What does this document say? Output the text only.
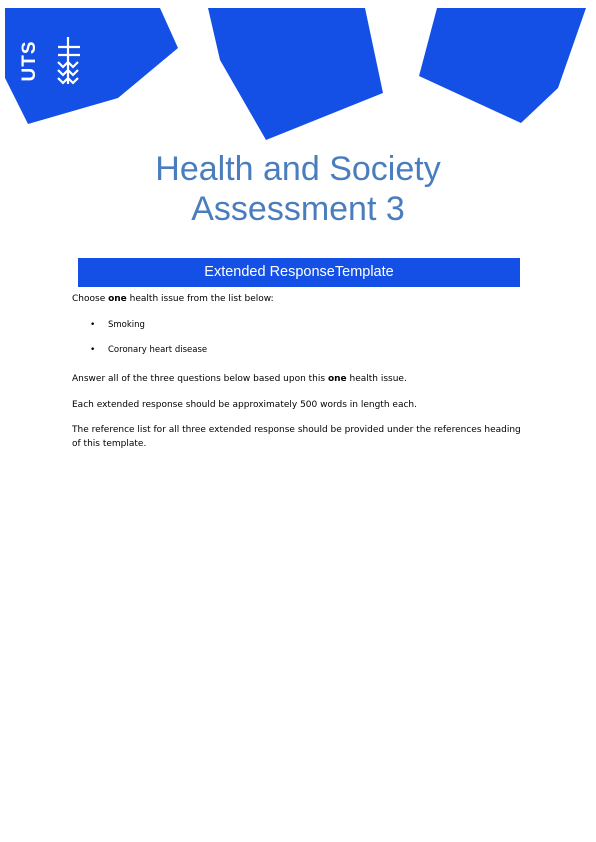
UTS
Health and Society
Assessment 3
Extended ResponseTemplate

Choose one health issue from the list below:

• Smoking
• Coronary heart disease

Answer all of the three questions below based upon this one health issue.

Each extended response should be approximately 500 words in length each.

The reference list for all three extended response should be provided under the references heading of this template.
